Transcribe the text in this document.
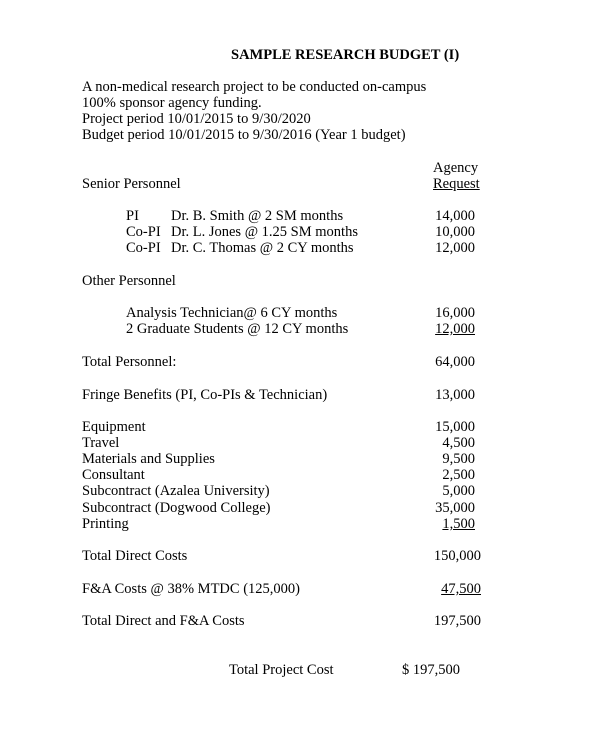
SAMPLE RESEARCH BUDGET (I)
A non-medical research project to be conducted on-campus
100% sponsor agency funding.
Project period 10/01/2015 to 9/30/2020
Budget period 10/01/2015 to 9/30/2016 (Year 1 budget)
Agency
Request
Senior Personnel
PI Dr. B. Smith @ 2 SM months	14,000
Co-PI Dr. L. Jones @ 1.25 SM months	10,000
Co-PI Dr. C. Thomas @ 2 CY months	12,000
Other Personnel
Analysis Technician@ 6 CY months	16,000
2 Graduate Students @ 12 CY months	12,000
Total Personnel:	64,000
Fringe Benefits (PI, Co-PIs & Technician)	13,000
Equipment	15,000
Travel	4,500
Materials and Supplies	9,500
Consultant	2,500
Subcontract (Azalea University)	5,000
Subcontract (Dogwood College)	35,000
Printing	1,500
Total Direct Costs	150,000
F&A Costs @ 38% MTDC (125,000)	47,500
Total Direct and F&A Costs	197,500
Total Project Cost	$ 197,500
